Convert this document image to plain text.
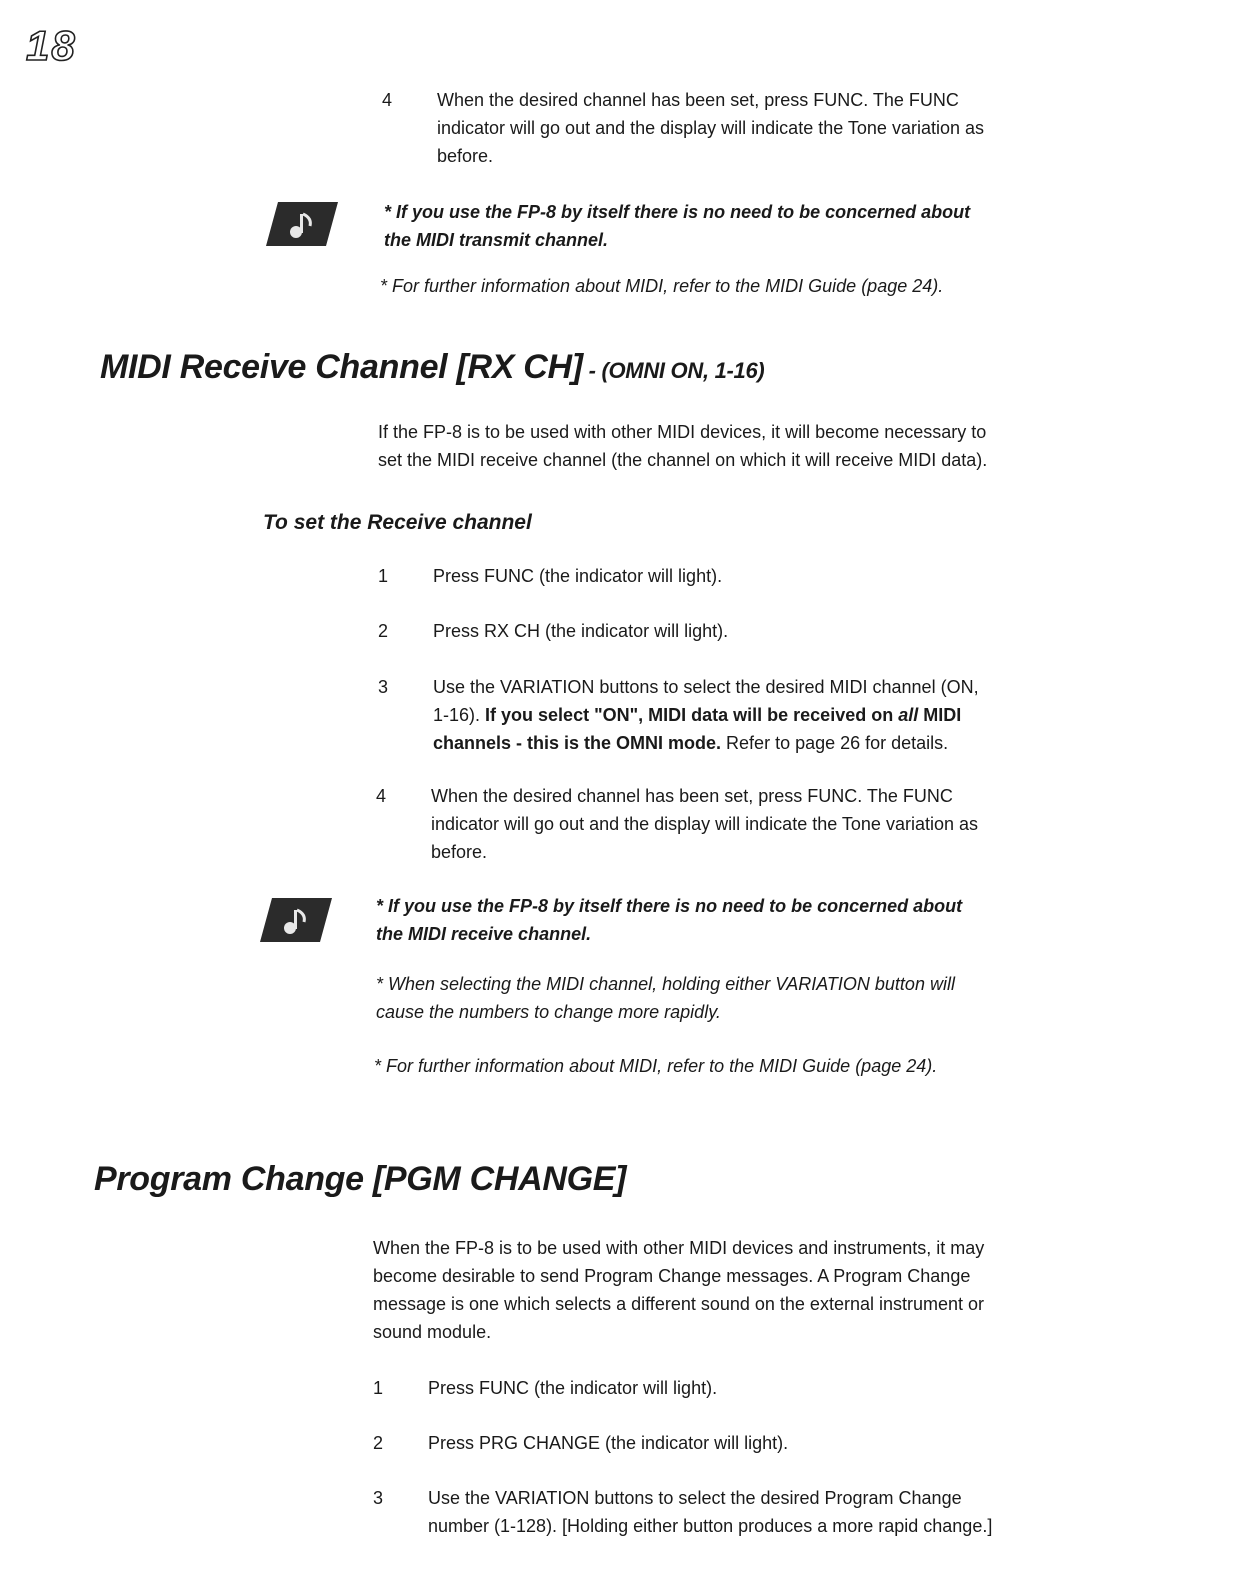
18
4 When the desired channel has been set, press FUNC. The FUNC
indicator will go out and the display will indicate the Tone variation as
before.
* If you use the FP-8 by itself there is no need to be concerned about
the MIDI transmit channel.
* For further information about MIDI, refer to the MIDI Guide (page 24).
MIDI Receive Channel [RX CH] - (OMNI ON, 1-16)
If the FP-8 is to be used with other MIDI devices, it will become necessary to
set the MIDI receive channel (the channel on which it will receive MIDI data).
To set the Receive channel
1 Press FUNC (the indicator will light).
2 Press RX CH (the indicator will light).
3 Use the VARIATION buttons to select the desired MIDI channel (ON,
1-16). If you select "ON", MIDI data will be received on all MIDI
channels - this is the OMNI mode. Refer to page 26 for details.
4 When the desired channel has been set, press FUNC. The FUNC
indicator will go out and the display will indicate the Tone variation as
before.
* If you use the FP-8 by itself there is no need to be concerned about
the MIDI receive channel.
* When selecting the MIDI channel, holding either VARIATION button will
cause the numbers to change more rapidly.
* For further information about MIDI, refer to the MIDI Guide (page 24).
Program Change [PGM CHANGE]
When the FP-8 is to be used with other MIDI devices and instruments, it may
become desirable to send Program Change messages. A Program Change
message is one which selects a different sound on the external instrument or
sound module.
1 Press FUNC (the indicator will light).
2 Press PRG CHANGE (the indicator will light).
3 Use the VARIATION buttons to select the desired Program Change
number (1-128). [Holding either button produces a more rapid change.]
